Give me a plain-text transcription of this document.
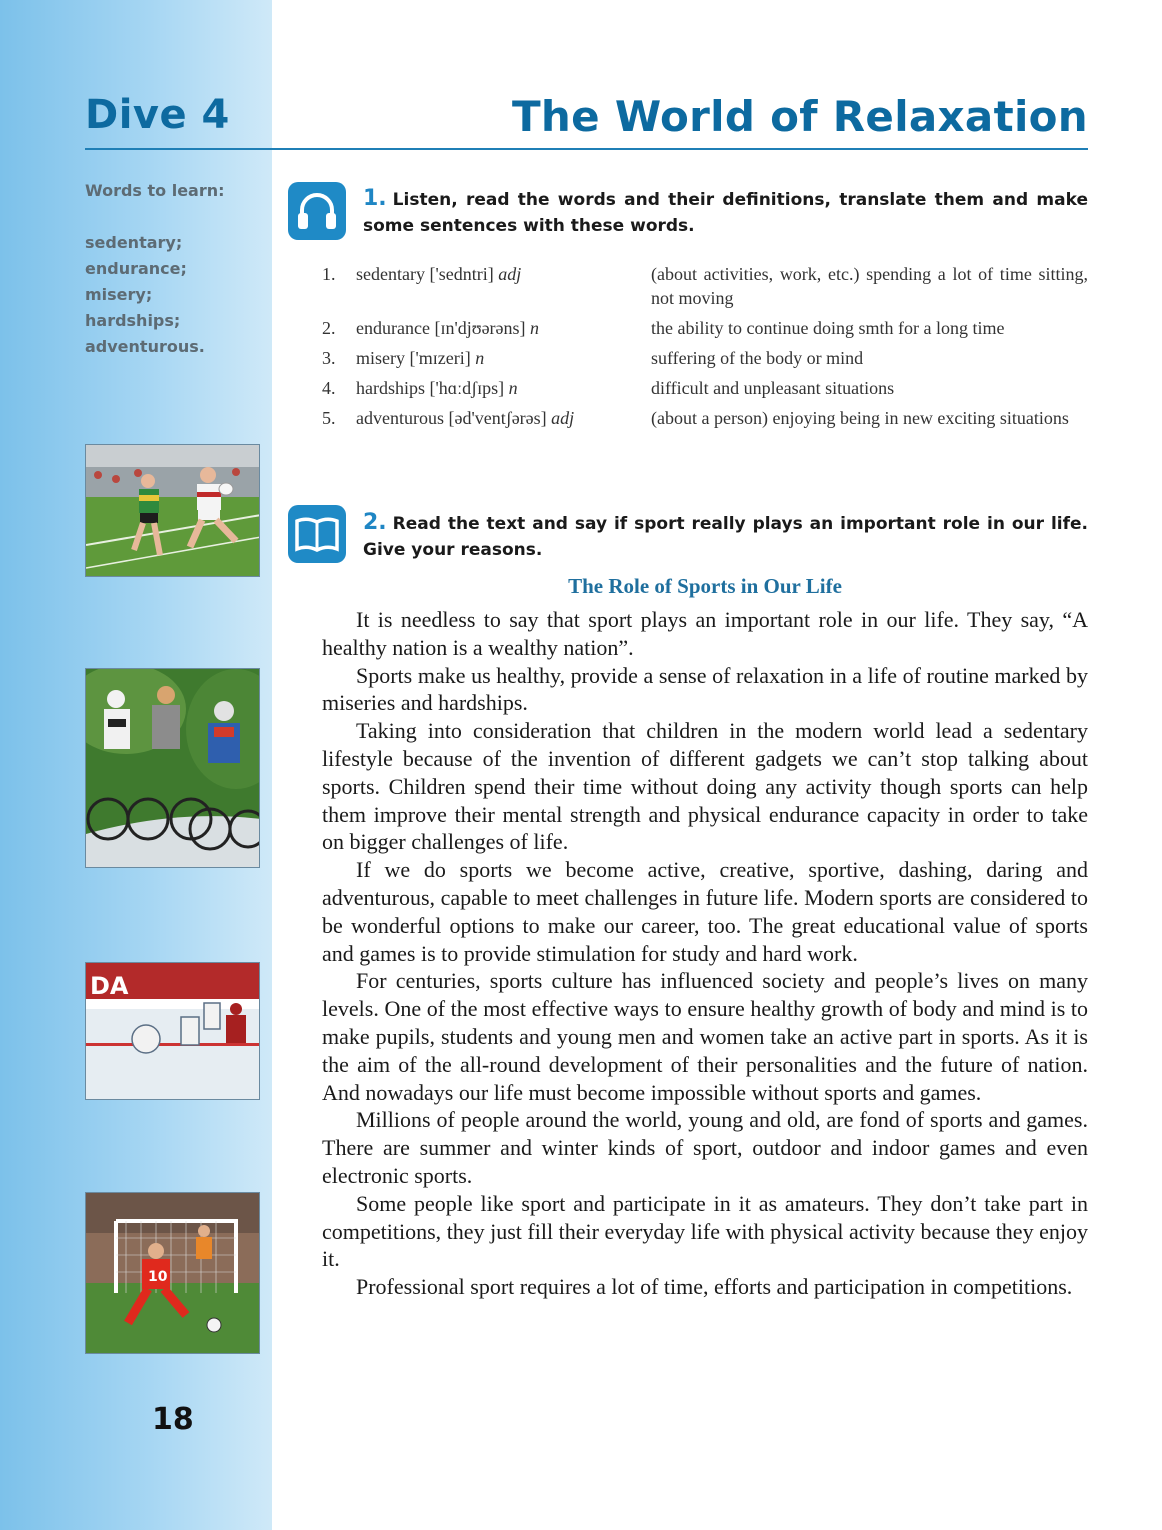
Dive 4	The World of Relaxation
Words to learn:
sedentary;
endurance;
misery;
hardships;
adventurous.
DA
10
18
1. Listen, read the words and their definitions, translate them and make some sentences with these words.
1.	sedentary ['sedntri] adj	(about activities, work, etc.) spending a lot of time sitting, not moving
2.	endurance [ɪn'djʊərəns] n	the ability to continue doing smth for a long time
3.	misery ['mɪzeri] n	suffering of the body or mind
4.	hardships ['hɑːdʃɪps] n	difficult and unpleasant situations
5.	adventurous [əd'ventʃərəs] adj	(about a person) enjoying being in new exciting situations
2. Read the text and say if sport really plays an important role in our life. Give your reasons.
The Role of Sports in Our Life

It is needless to say that sport plays an important role in our life. They say, “A healthy nation is a wealthy nation”.

Sports make us healthy, provide a sense of relaxation in a life of routine marked by miseries and hardships.

Taking into consideration that children in the modern world lead a sedentary lifestyle because of the invention of different gadgets we can’t stop talking about sports. Children spend their time without doing any activity though sports can help them improve their mental strength and physical endurance capacity in order to take on bigger challenges of life.

If we do sports we become active, creative, sportive, dashing, daring and adventurous, capable to meet challenges in future life. Modern sports are considered to be wonderful options to make our career, too. The great educational value of sports and games is to provide stimulation for study and hard work.

For centuries, sports culture has influenced society and people’s lives on many levels. One of the most effective ways to ensure healthy growth of body and mind is to make pupils, students and young men and women take an active part in sports. As it is the aim of the all-round development of their personalities and the future of nation. And nowadays our life must become impossible without sports and games.

Millions of people around the world, young and old, are fond of sports and games. There are summer and winter kinds of sport, outdoor and indoor games and even electronic sports.

Some people like sport and participate in it as amateurs. They don’t take part in competitions, they just fill their everyday life with physical activity because they enjoy it.

Professional sport requires a lot of time, efforts and participation in competitions.
